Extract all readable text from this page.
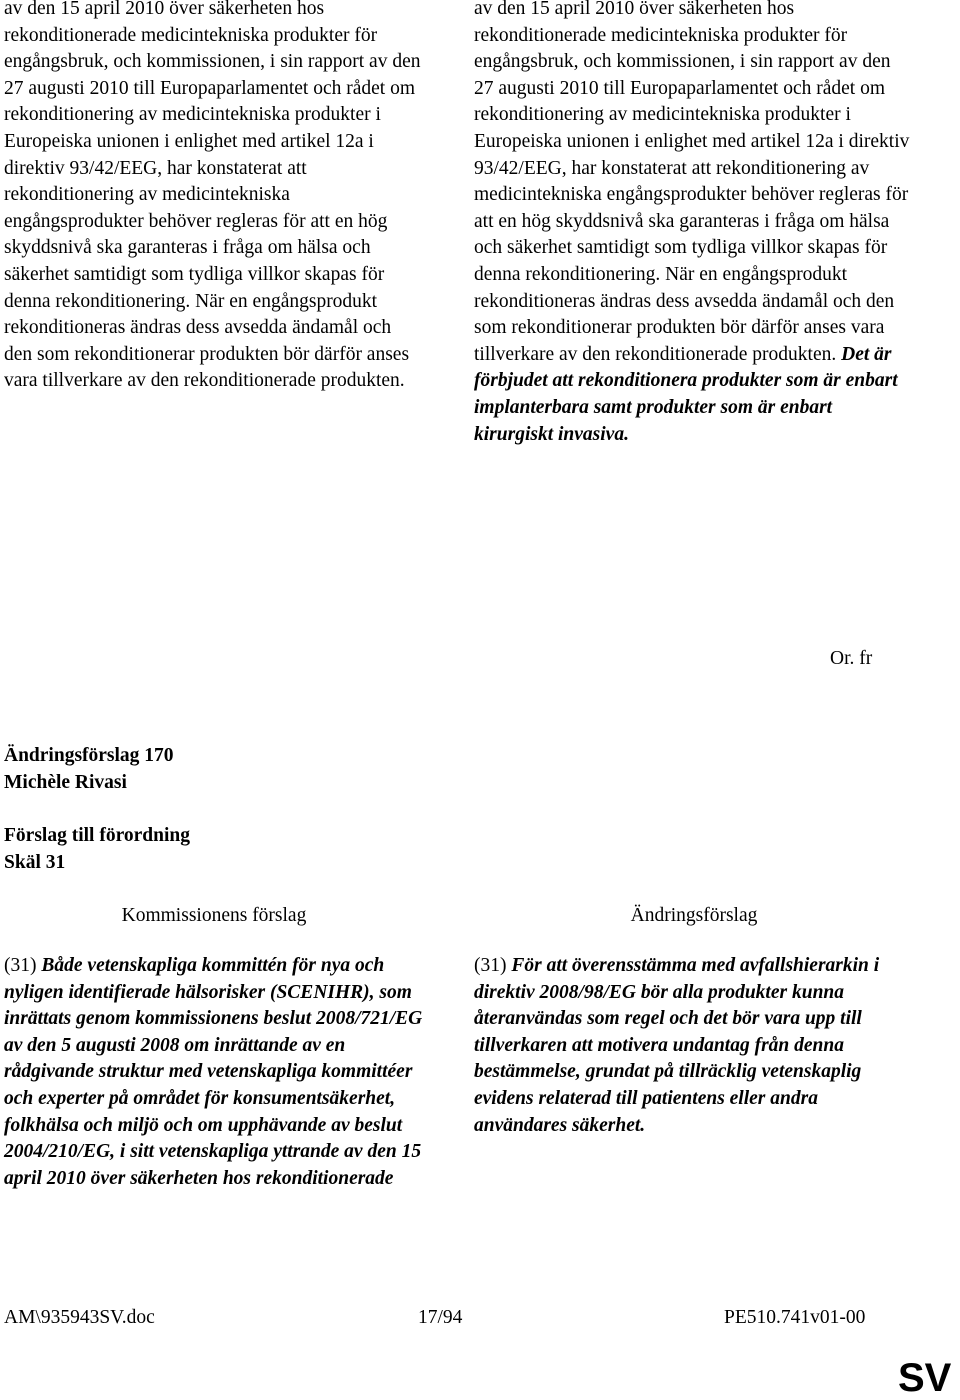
av den 15 april 2010 över säkerheten hos rekonditionerade medicintekniska produkter för engångsbruk, och kommissionen, i sin rapport av den 27 augusti 2010 till Europaparlamentet och rådet om rekonditionering av medicintekniska produkter i Europeiska unionen i enlighet med artikel 12a i direktiv 93/42/EEG, har konstaterat att rekonditionering av medicintekniska engångsprodukter behöver regleras för att en hög skyddsnivå ska garanteras i fråga om hälsa och säkerhet samtidigt som tydliga villkor skapas för denna rekonditionering. När en engångsprodukt rekonditioneras ändras dess avsedda ändamål och den som rekonditionerar produkten bör därför anses vara tillverkare av den rekonditionerade produkten.

av den 15 april 2010 över säkerheten hos rekonditionerade medicintekniska produkter för engångsbruk, och kommissionen, i sin rapport av den 27 augusti 2010 till Europaparlamentet och rådet om rekonditionering av medicintekniska produkter i Europeiska unionen i enlighet med artikel 12a i direktiv 93/42/EEG, har konstaterat att rekonditionering av medicintekniska engångsprodukter behöver regleras för att en hög skyddsnivå ska garanteras i fråga om hälsa och säkerhet samtidigt som tydliga villkor skapas för denna rekonditionering. När en engångsprodukt rekonditioneras ändras dess avsedda ändamål och den som rekonditionerar produkten bör därför anses vara tillverkare av den rekonditionerade produkten. Det är förbjudet att rekonditionera produkter som är enbart implanterbara samt produkter som är enbart kirurgiskt invasiva.

Or. fr
Ändringsförslag 170
Michèle Rivasi
Förslag till förordning
Skäl 31
Kommissionens förslag	Ändringsförslag

(31) Både vetenskapliga kommittén för nya och nyligen identifierade hälsorisker (SCENIHR), som inrättats genom kommissionens beslut 2008/721/EG av den 5 augusti 2008 om inrättande av en rådgivande struktur med vetenskapliga kommittéer och experter på området för konsumentsäkerhet, folkhälsa och miljö och om upphävande av beslut 2004/210/EG, i sitt vetenskapliga yttrande av den 15 april 2010 över säkerheten hos rekonditionerade

(31) För att överensstämma med avfallshierarkin i direktiv 2008/98/EG bör alla produkter kunna återanvändas som regel och det bör vara upp till tillverkaren att motivera undantag från denna bestämmelse, grundat på tillräcklig vetenskaplig evidens relaterad till patientens eller andra användares säkerhet.

AM\935943SV.doc	17/94	PE510.741v01-00
SV
